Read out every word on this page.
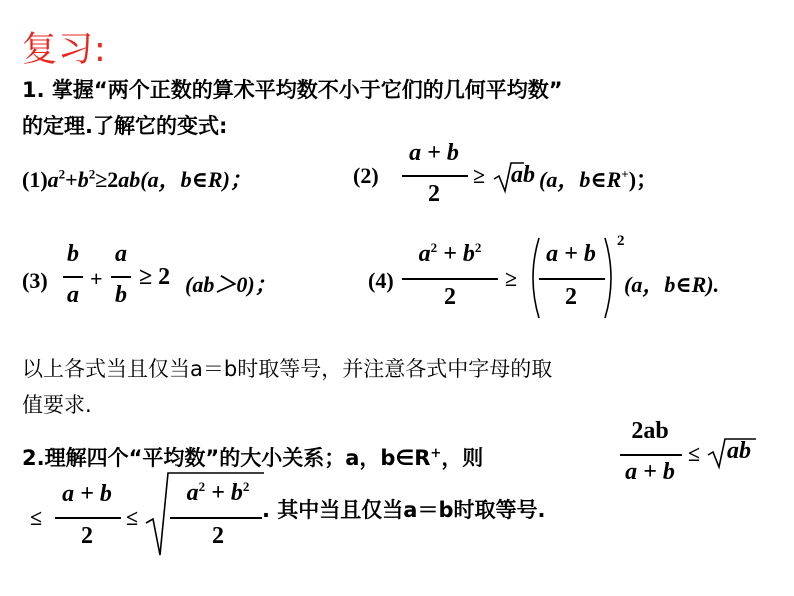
复习:
1. 掌握“两个正数的算术平均数不小于它们的几何平均数”
的定理.了解它的变式:
$(1)a^2+b^2\ge 2ab(a$，b∈R)；	(2)
a + b
2
≥ ab (a，b∈R+)；
(3)
b
a
+
a
b
≥ 2 (ab＞0)；	(4)
$a^2 + b^2$
2
≥
a + b
2
2
(a，b∈R).
以上各式当且仅当a＝b时取等号，并注意各式中字母的取
值要求.
2.理解四个“平均数”的大小关系；a，b∈R+，则
2ab
a + b
≤ ab
≤
a + b
2
≤
$a^2 + b^2$
2
. 其中当且仅当a＝b时取等号.
